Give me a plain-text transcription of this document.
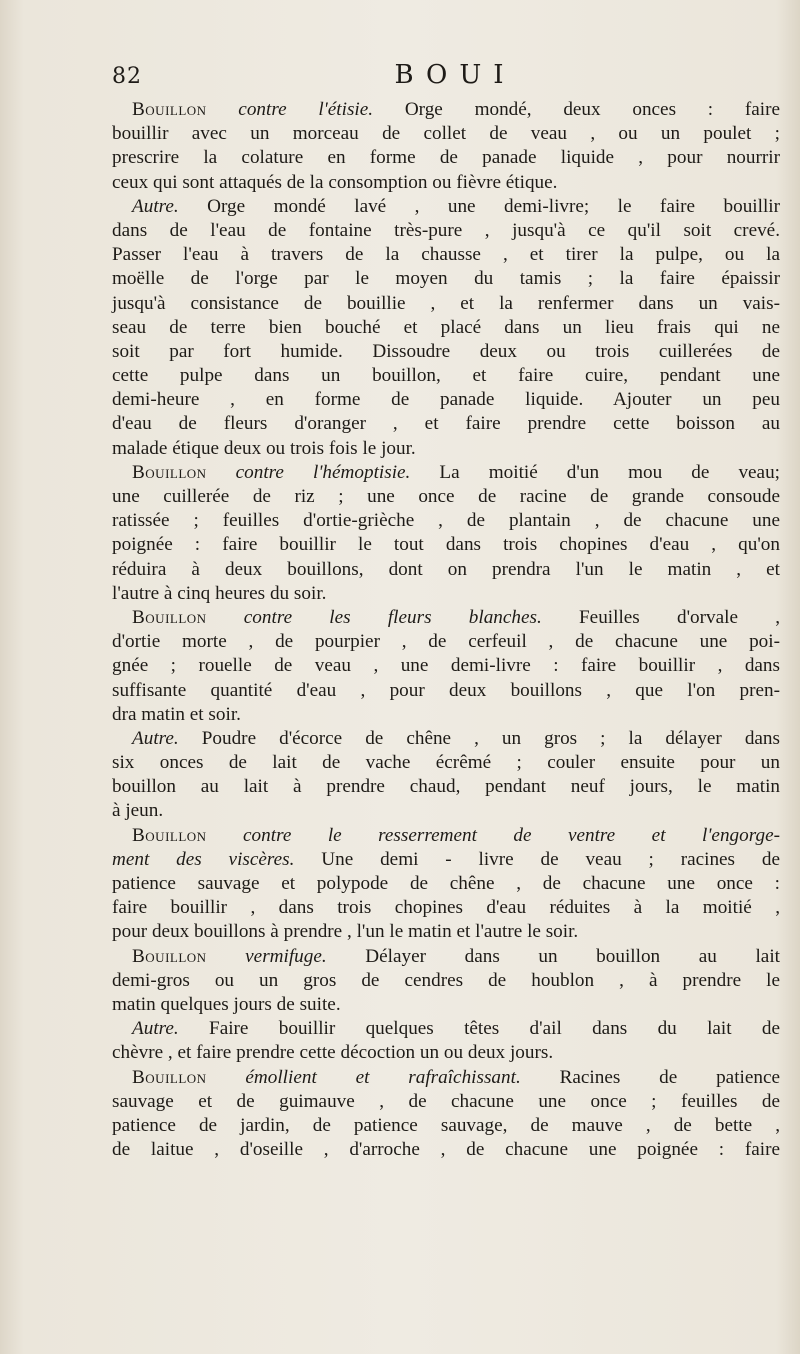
82	BOUI
Bouillon contre l'étisie. Orge mondé, deux onces : faire
bouillir avec un morceau de collet de veau , ou un poulet ;
prescrire la colature en forme de panade liquide , pour nourrir
ceux qui sont attaqués de la consomption ou fièvre étique.
Autre. Orge mondé lavé , une demi-livre; le faire bouillir
dans de l'eau de fontaine très-pure , jusqu'à ce qu'il soit crevé.
Passer l'eau à travers de la chausse , et tirer la pulpe, ou la
moëlle de l'orge par le moyen du tamis ; la faire épaissir
jusqu'à consistance de bouillie , et la renfermer dans un vais-
seau de terre bien bouché et placé dans un lieu frais qui ne
soit par fort humide. Dissoudre deux ou trois cuillerées de
cette pulpe dans un bouillon, et faire cuire, pendant une
demi-heure , en forme de panade liquide. Ajouter un peu
d'eau de fleurs d'oranger , et faire prendre cette boisson au
malade étique deux ou trois fois le jour.
Bouillon contre l'hémoptisie. La moitié d'un mou de veau;
une cuillerée de riz ; une once de racine de grande consoude
ratissée ; feuilles d'ortie-grièche , de plantain , de chacune une
poignée : faire bouillir le tout dans trois chopines d'eau , qu'on
réduira à deux bouillons, dont on prendra l'un le matin , et
l'autre à cinq heures du soir.
Bouillon contre les fleurs blanches. Feuilles d'orvale ,
d'ortie morte , de pourpier , de cerfeuil , de chacune une poi-
gnée ; rouelle de veau , une demi-livre : faire bouillir , dans
suffisante quantité d'eau , pour deux bouillons , que l'on pren-
dra matin et soir.
Autre. Poudre d'écorce de chêne , un gros ; la délayer dans
six onces de lait de vache écrêmé ; couler ensuite pour un
bouillon au lait à prendre chaud, pendant neuf jours, le matin
à jeun.
Bouillon contre le resserrement de ventre et l'engorge-
ment des viscères. Une demi - livre de veau ; racines de
patience sauvage et polypode de chêne , de chacune une once :
faire bouillir , dans trois chopines d'eau réduites à la moitié ,
pour deux bouillons à prendre , l'un le matin et l'autre le soir.
Bouillon vermifuge. Délayer dans un bouillon au lait
demi-gros ou un gros de cendres de houblon , à prendre le
matin quelques jours de suite.
Autre. Faire bouillir quelques têtes d'ail dans du lait de
chèvre , et faire prendre cette décoction un ou deux jours.
Bouillon émollient et rafraîchissant. Racines de patience
sauvage et de guimauve , de chacune une once ; feuilles de
patience de jardin, de patience sauvage, de mauve , de bette ,
de laitue , d'oseille , d'arroche , de chacune une poignée : faire
